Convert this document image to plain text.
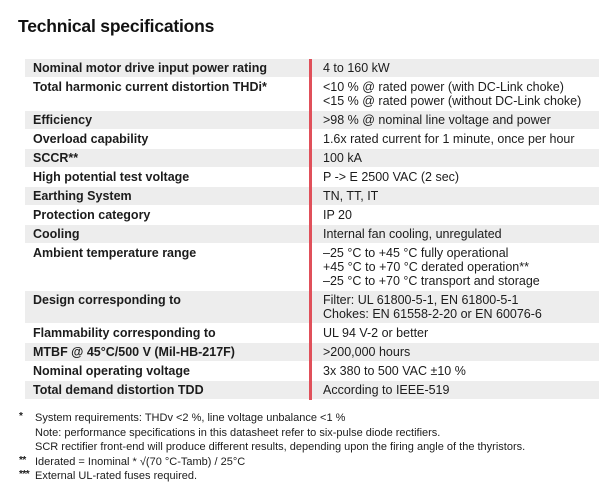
Technical specifications
Nominal motor drive input power rating	4 to 160 kW
Total harmonic current distortion THDi*	<10 % @ rated power (with DC-Link choke)
<15 % @ rated power (without DC-Link choke)
Efficiency	>98 % @ nominal line voltage and power
Overload capability	1.6x rated current for 1 minute, once per hour
SCCR**	100 kA
High potential test voltage	P -> E 2500 VAC (2 sec)
Earthing System	TN, TT, IT
Protection category	IP 20
Cooling	Internal fan cooling, unregulated
Ambient temperature range	–25 °C to +45 °C fully operational
+45 °C to +70 °C derated operation**
–25 °C to +70 °C transport and storage
Design corresponding to	Filter: UL 61800-5-1, EN 61800-5-1
Chokes: EN 61558-2-20 or EN 60076-6
Flammability corresponding to	UL 94 V-2 or better
MTBF @ 45°C/500 V (Mil-HB-217F)	>200,000 hours
Nominal operating voltage	3x 380 to 500 VAC ±10 %
Total demand distortion TDD	According to IEEE-519
*	System requirements: THDv <2 %, line voltage unbalance <1 %
Note: performance specifications in this datasheet refer to six-pulse diode rectifiers.
SCR rectifier front-end will produce different results, depending upon the firing angle of the thyristors.
** Iderated = Inominal * √(70 °C-Tamb) / 25°C
*** External UL-rated fuses required.
